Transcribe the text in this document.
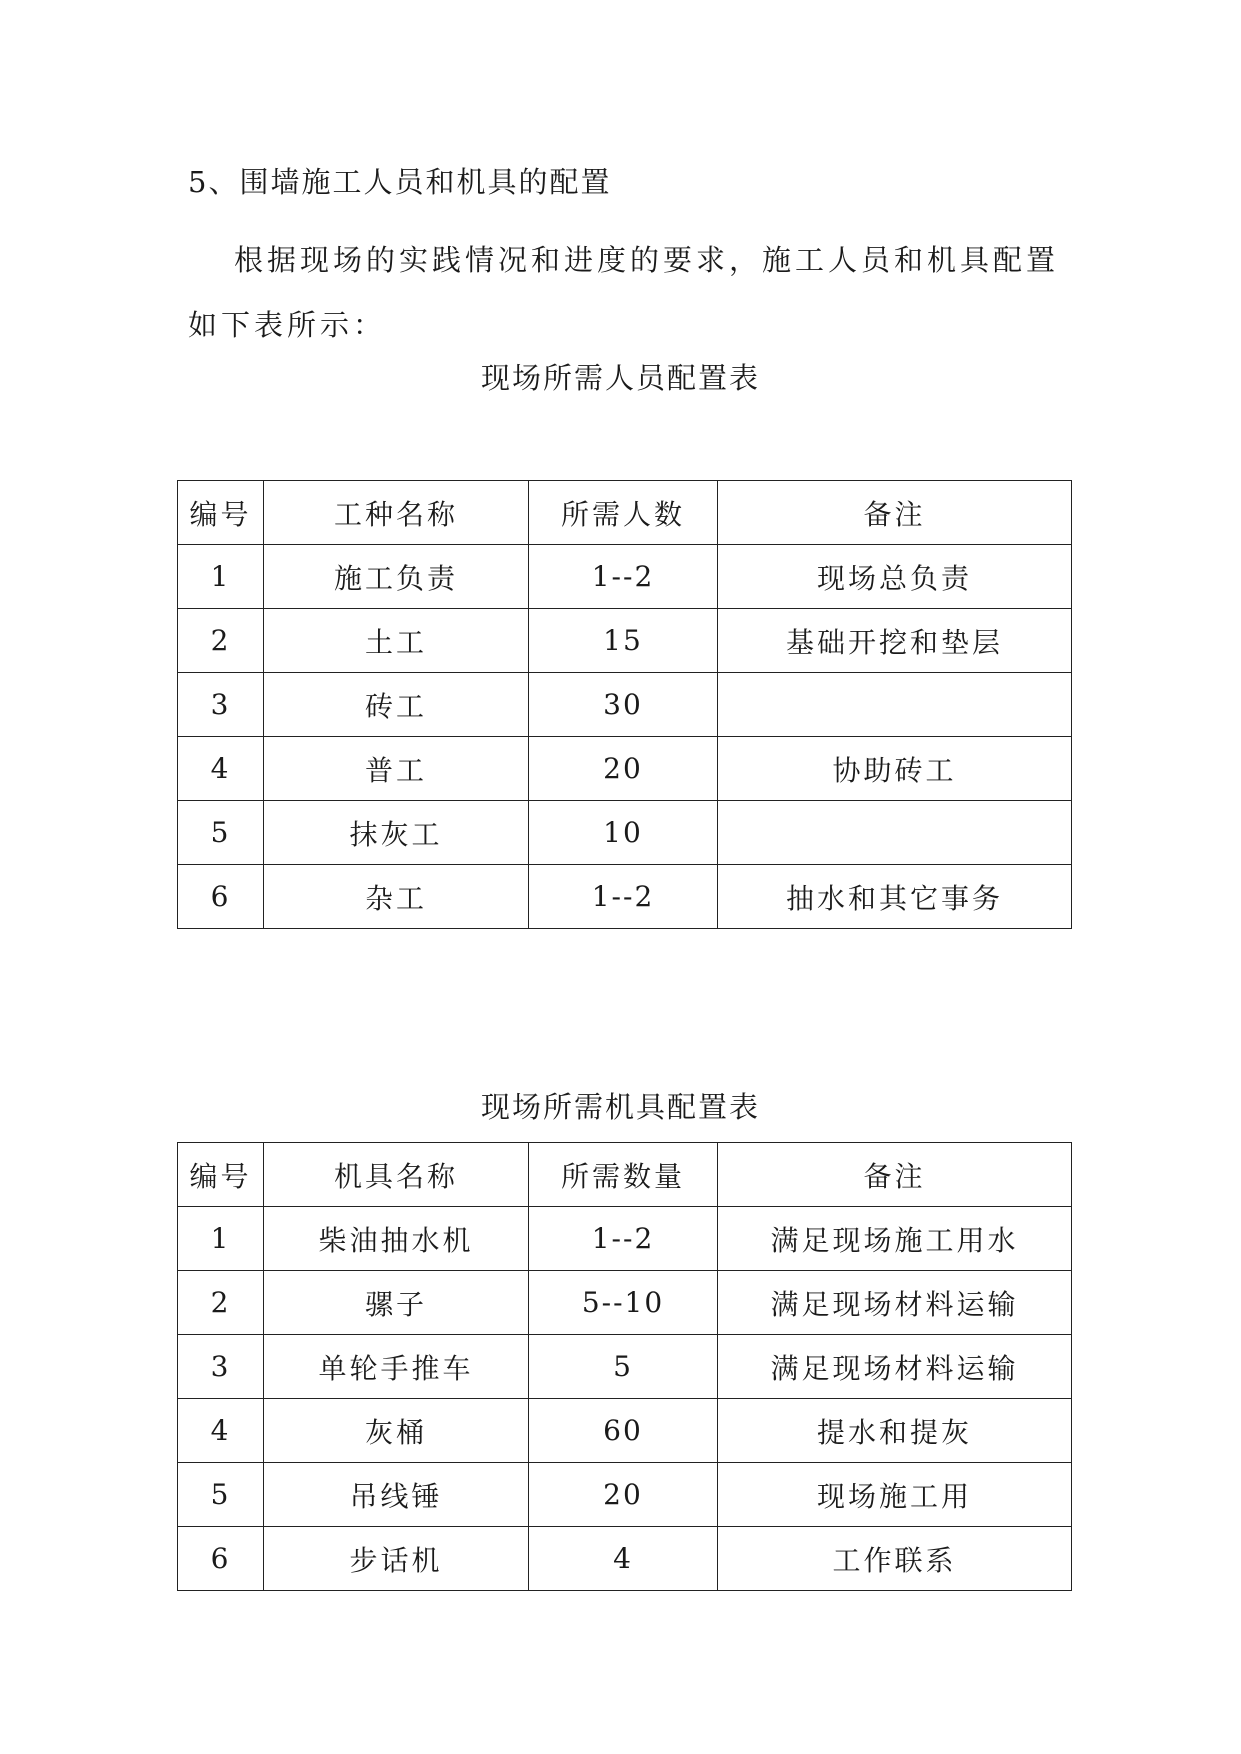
5、围墙施工人员和机具的配置
根据现场的实践情况和进度的要求，施工人员和机具配置如下表所示：
现场所需人员配置表
编号	工种名称	所需人数	备注
1	施工负责	1--2	现场总负责
2	土工	15	基础开挖和垫层
3	砖工	30	
4	普工	20	协助砖工
5	抹灰工	10	
6	杂工	1--2	抽水和其它事务
现场所需机具配置表
编号	机具名称	所需数量	备注
1	柴油抽水机	1--2	满足现场施工用水
2	骡子	5--10	满足现场材料运输
3	单轮手推车	5	满足现场材料运输
4	灰桶	60	提水和提灰
5	吊线锤	20	现场施工用
6	步话机	4	工作联系
